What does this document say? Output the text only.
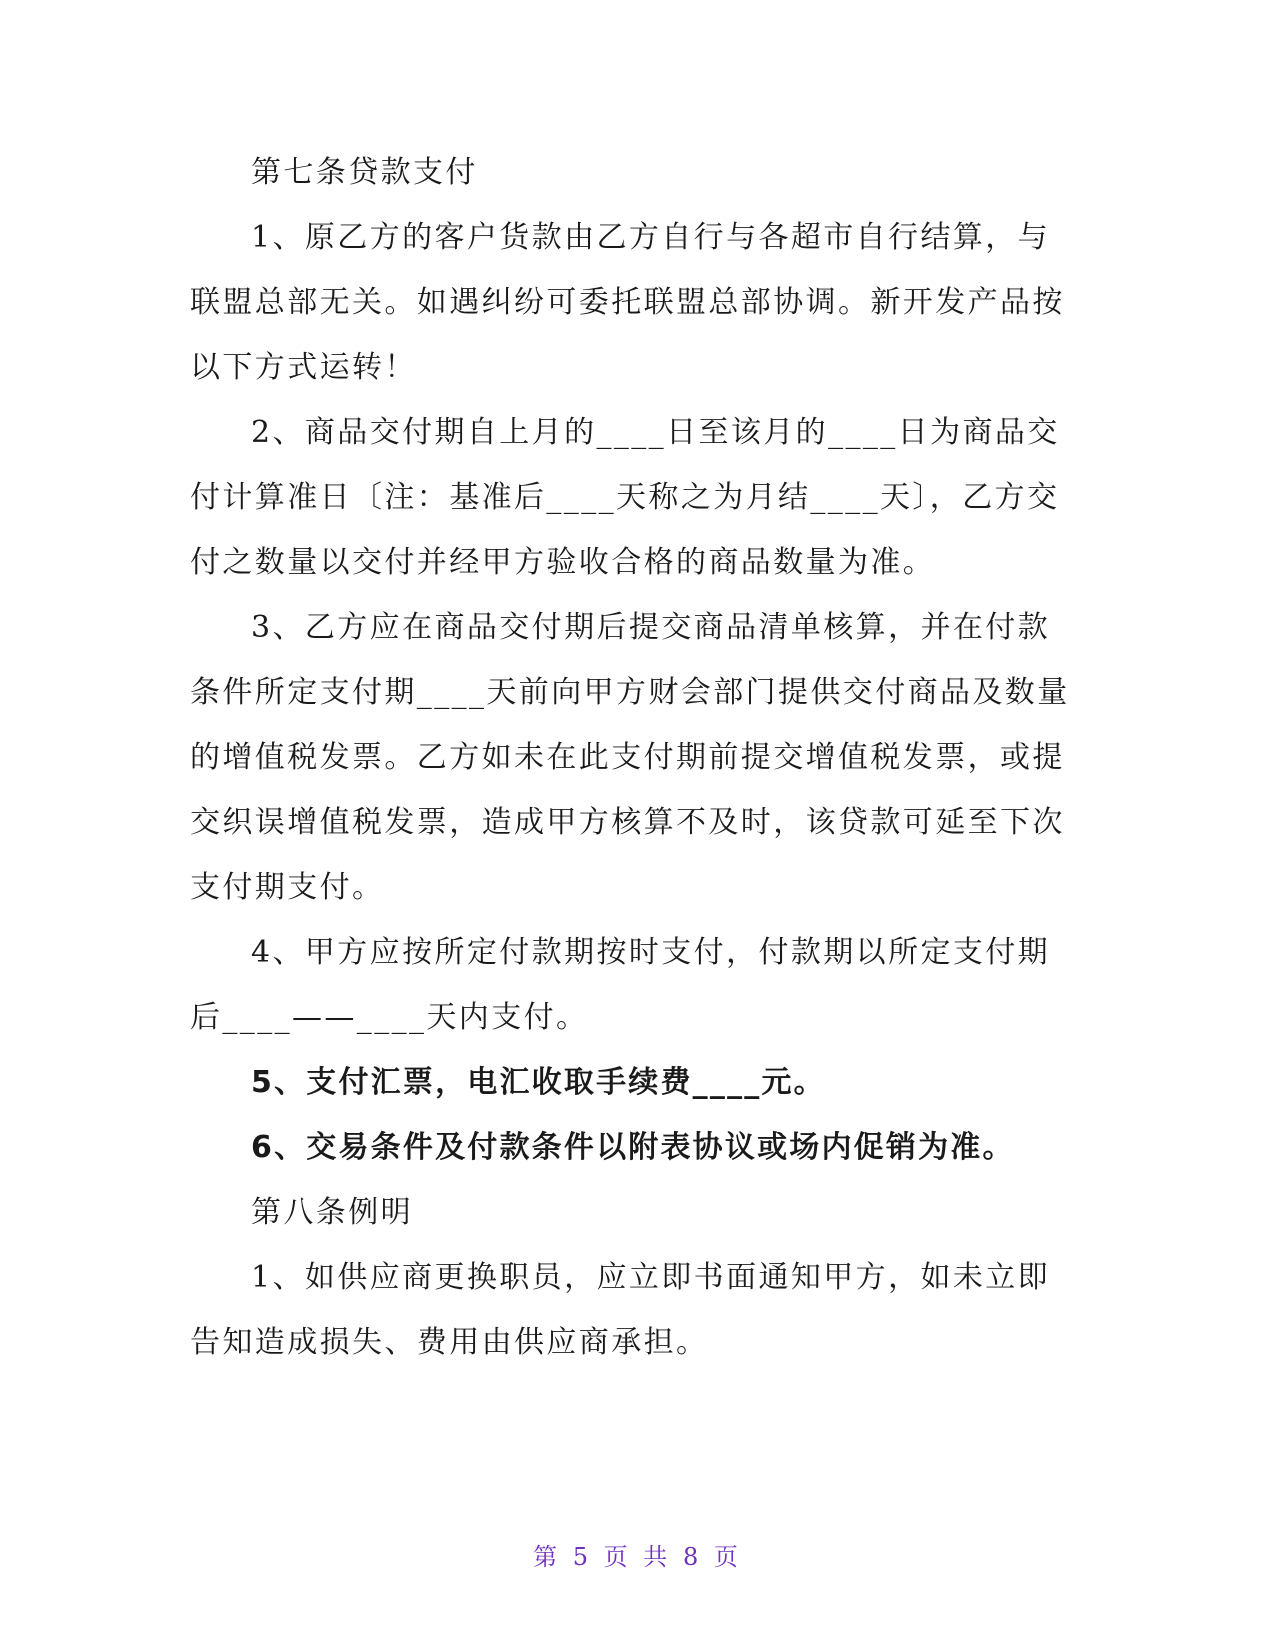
第七条贷款支付
1、原乙方的客户货款由乙方自行与各超市自行结算，与
联盟总部无关。如遇纠纷可委托联盟总部协调。新开发产品按
以下方式运转！
2、商品交付期自上月的____日至该月的____日为商品交
付计算准日〔注：基准后____天称之为月结____天〕，乙方交
付之数量以交付并经甲方验收合格的商品数量为准。
3、乙方应在商品交付期后提交商品清单核算，并在付款
条件所定支付期____天前向甲方财会部门提供交付商品及数量
的增值税发票。乙方如未在此支付期前提交增值税发票，或提
交织误增值税发票，造成甲方核算不及时，该贷款可延至下次
支付期支付。
4、甲方应按所定付款期按时支付，付款期以所定支付期
后____——____天内支付。
5、支付汇票，电汇收取手续费____元。
6、交易条件及付款条件以附表协议或场内促销为准。
第八条例明
1、如供应商更换职员，应立即书面通知甲方，如未立即
告知造成损失、费用由供应商承担。
第 5 页 共 8 页
